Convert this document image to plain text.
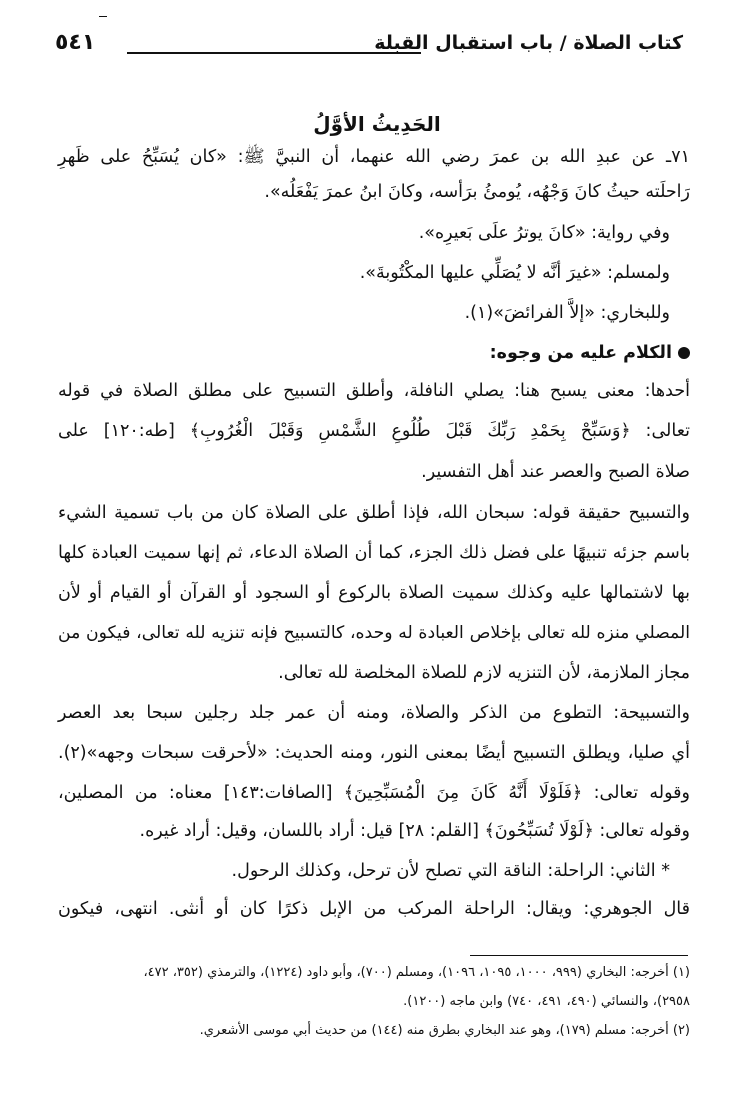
كتاب الصلاة / باب استقبال القبلة
٥٤١
الحَدِيثُ الأوَّلُ
٧١ـ عن عبدِ الله بن عمرَ رضي الله عنهما، أن النبيَّ ﷺ: «كان يُسَبِّحُ على ظَهرِ
رَاحلَته حيثُ كانَ وَجْهُه، يُومئُ برَأسه، وكانَ ابنُ عمرَ يَفْعَلُه».
وفي رواية: «كانَ يوترُ علَى بَعيرِه».
ولمسلم: «غيرَ أنَّه لا يُصَلِّي عليها المكْتُوبةَ».
وللبخاري: «إلاَّ الفرائضَ»(١).
الكلام عليه من وجوه:
أحدها: معنى يسبح هنا: يصلي النافلة، وأطلق التسبيح على مطلق الصلاة في قوله
تعالى: ﴿وَسَبِّحْ بِحَمْدِ رَبِّكَ قَبْلَ طُلُوعِ الشَّمْسِ وَقَبْلَ الْغُرُوبِ﴾ [طه:١٢٠] على
صلاة الصبح والعصر عند أهل التفسير.
والتسبيح حقيقة قوله: سبحان الله، فإذا أطلق على الصلاة كان من باب تسمية الشيء
باسم جزئه تنبيهًا على فضل ذلك الجزء، كما أن الصلاة الدعاء، ثم إنها سميت العبادة كلها
بها لاشتمالها عليه وكذلك سميت الصلاة بالركوع أو السجود أو القرآن أو القيام أو لأن
المصلي منزه لله تعالى بإخلاص العبادة له وحده، كالتسبيح فإنه تنزيه لله تعالى، فيكون من
مجاز الملازمة، لأن التنزيه لازم للصلاة المخلصة لله تعالى.
والتسبيحة: التطوع من الذكر والصلاة، ومنه أن عمر جلد رجلين سبحا بعد العصر
أي صليا، ويطلق التسبيح أيضًا بمعنى النور، ومنه الحديث: «لأحرقت سبحات وجهه»(٢).
وقوله تعالى: ﴿فَلَوْلَا أَنَّهُ كَانَ مِنَ الْمُسَبِّحِينَ﴾ [الصافات:١٤٣] معناه: من المصلين،
وقوله تعالى: ﴿لَوْلَا تُسَبِّحُونَ﴾ [القلم: ٢٨] قيل: أراد باللسان، وقيل: أراد غيره.
* الثاني: الراحلة: الناقة التي تصلح لأن ترحل، وكذلك الرحول.
قال الجوهري: ويقال: الراحلة المركب من الإبل ذكرًا كان أو أنثى. انتهى، فيكون
(١) أخرجه: البخاري (٩٩٩، ١٠٠٠، ١٠٩٥، ١٠٩٦)، ومسلم (٧٠٠)، وأبو داود (١٢٢٤)، والترمذي (٣٥٢، ٤٧٢،
٢٩٥٨)، والنسائي (٤٩٠، ٤٩١، ٧٤٠) وابن ماجه (١٢٠٠).
(٢) أخرجه: مسلم (١٧٩)، وهو عند البخاري بطرق منه (١٤٤) من حديث أبي موسى الأشعري.
